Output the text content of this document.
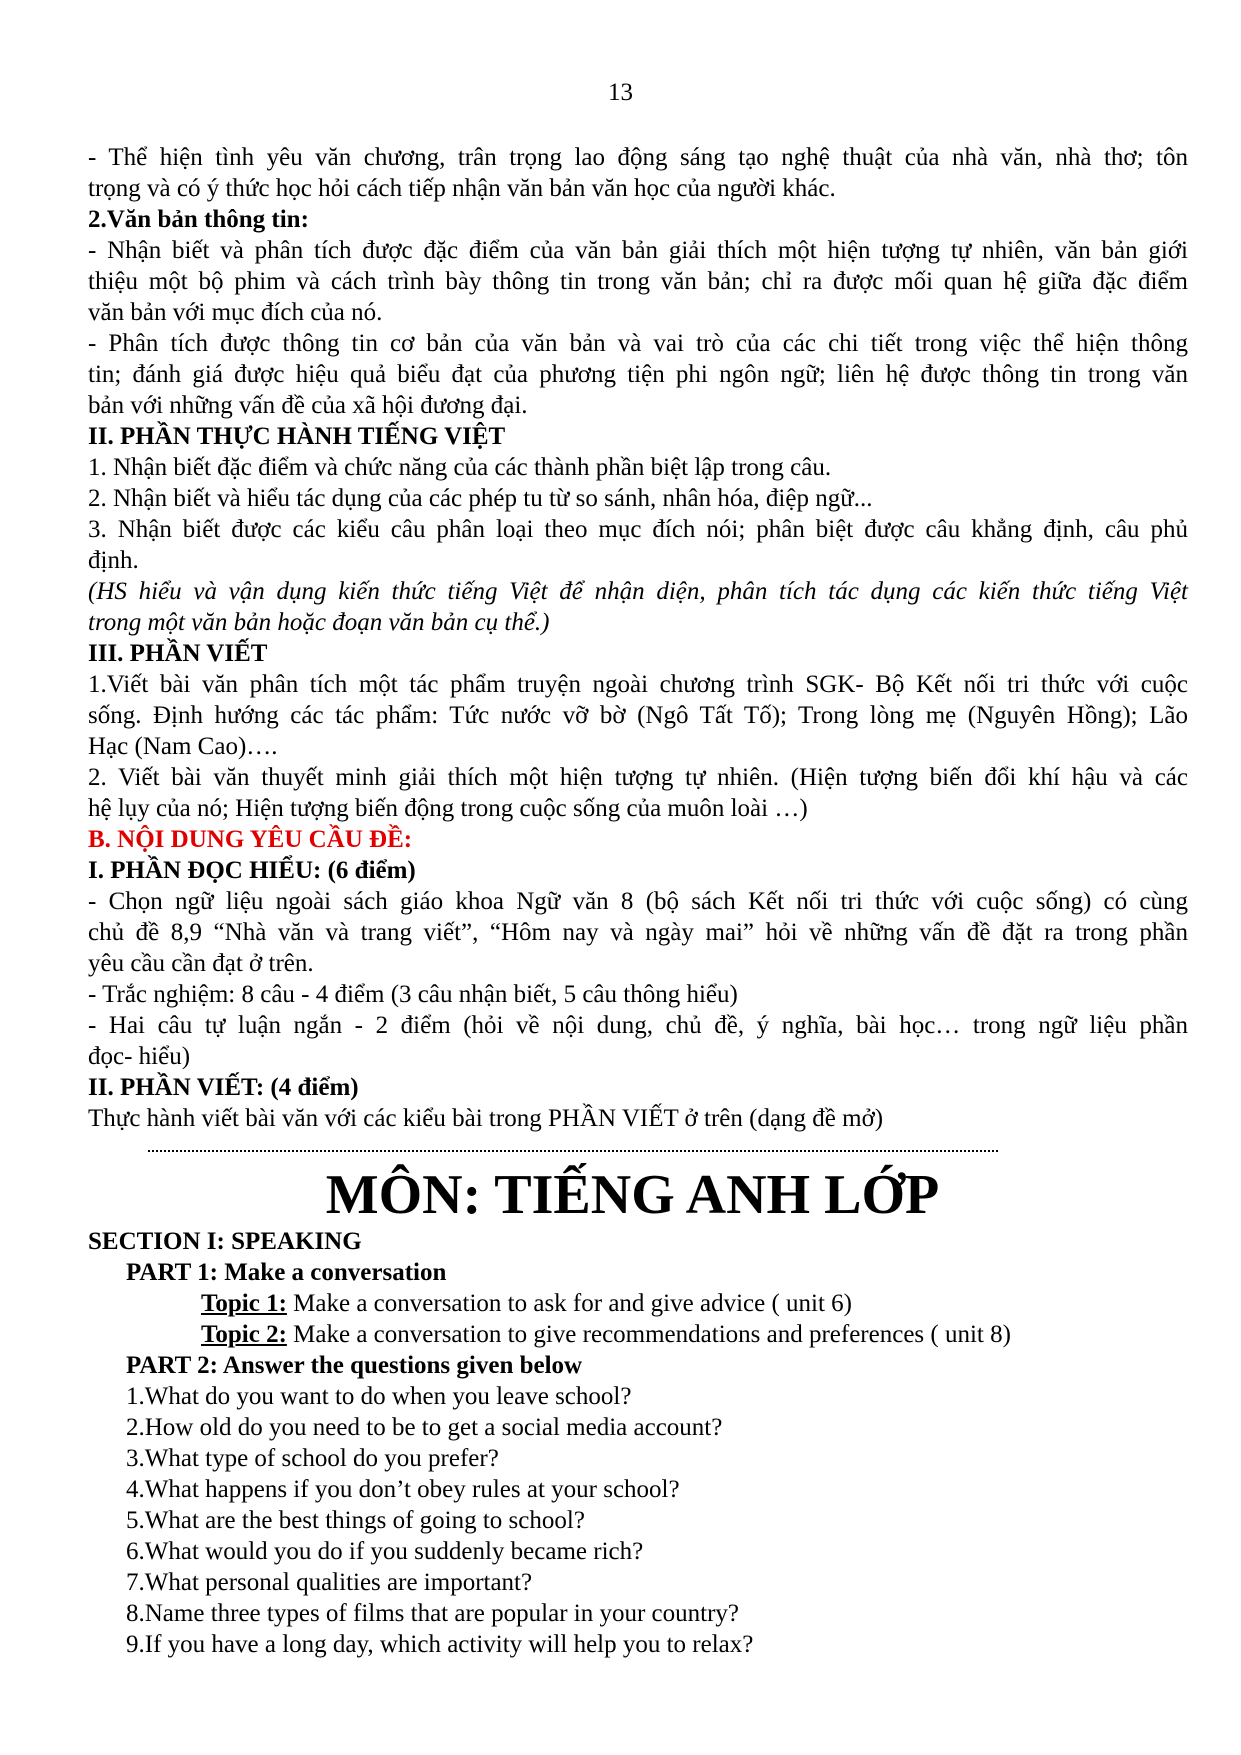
13
- Thể hiện tình yêu văn chương, trân trọng lao động sáng tạo nghệ thuật của nhà văn, nhà thơ; tôn
trọng và có ý thức học hỏi cách tiếp nhận văn bản văn học của người khác.
2.Văn bản thông tin:
- Nhận biết và phân tích được đặc điểm của văn bản giải thích một hiện tượng tự nhiên, văn bản giới
thiệu một bộ phim và cách trình bày thông tin trong văn bản; chỉ ra được mối quan hệ giữa đặc điểm
văn bản với mục đích của nó.
- Phân tích được thông tin cơ bản của văn bản và vai trò của các chi tiết trong việc thể hiện thông
tin; đánh giá được hiệu quả biểu đạt của phương tiện phi ngôn ngữ; liên hệ được thông tin trong văn
bản với những vấn đề của xã hội đương đại.
II. PHẦN THỰC HÀNH TIẾNG VIỆT
1. Nhận biết đặc điểm và chức năng của các thành phần biệt lập trong câu.
2. Nhận biết và hiểu tác dụng của các phép tu từ so sánh, nhân hóa, điệp ngữ...
3. Nhận biết được các kiểu câu phân loại theo mục đích nói; phân biệt được câu khẳng định, câu phủ
định.
(HS hiểu và vận dụng kiến thức tiếng Việt để nhận diện, phân tích tác dụng các kiến thức tiếng Việt
trong một văn bản hoặc đoạn văn bản cụ thể.)
III. PHẦN VIẾT
1.Viết bài văn phân tích một tác phẩm truyện ngoài chương trình SGK- Bộ Kết nối tri thức với cuộc
sống. Định hướng các tác phẩm: Tức nước vỡ bờ (Ngô Tất Tố); Trong lòng mẹ (Nguyên Hồng); Lão
Hạc (Nam Cao)….
2. Viết bài văn thuyết minh giải thích một hiện tượng tự nhiên. (Hiện tượng biến đổi khí hậu và các
hệ lụy của nó; Hiện tượng biến động trong cuộc sống của muôn loài …)
B. NỘI DUNG YÊU CẦU ĐỀ:
I. PHẦN ĐỌC HIỂU: (6 điểm)
- Chọn ngữ liệu ngoài sách giáo khoa Ngữ văn 8 (bộ sách Kết nối tri thức với cuộc sống) có cùng
chủ đề 8,9 “Nhà văn và trang viết”, “Hôm nay và ngày mai” hỏi về những vấn đề đặt ra trong phần
yêu cầu cần đạt ở trên.
- Trắc nghiệm: 8 câu - 4 điểm (3 câu nhận biết, 5 câu thông hiểu)
- Hai câu tự luận ngắn - 2 điểm (hỏi về nội dung, chủ đề, ý nghĩa, bài học… trong ngữ liệu phần
đọc- hiểu)
II. PHẦN VIẾT: (4 điểm)
Thực hành viết bài văn với các kiểu bài trong PHẦN VIẾT ở trên (dạng đề mở)
MÔN: TIẾNG ANH LỚP
SECTION I: SPEAKING
PART 1: Make a conversation
Topic 1: Make a conversation to ask for and give advice ( unit 6)
Topic 2: Make a conversation to give recommendations and preferences ( unit 8)
PART 2: Answer the questions given below
1.What do you want to do when you leave school?
2.How old do you need to be to get a social media account?
3.What type of school do you prefer?
4.What happens if you don’t obey rules at your school?
5.What are the best things of going to school?
6.What would you do if you suddenly became rich?
7.What personal qualities are important?
8.Name three types of films that are popular in your country?
9.If you have a long day, which activity will help you to relax?
